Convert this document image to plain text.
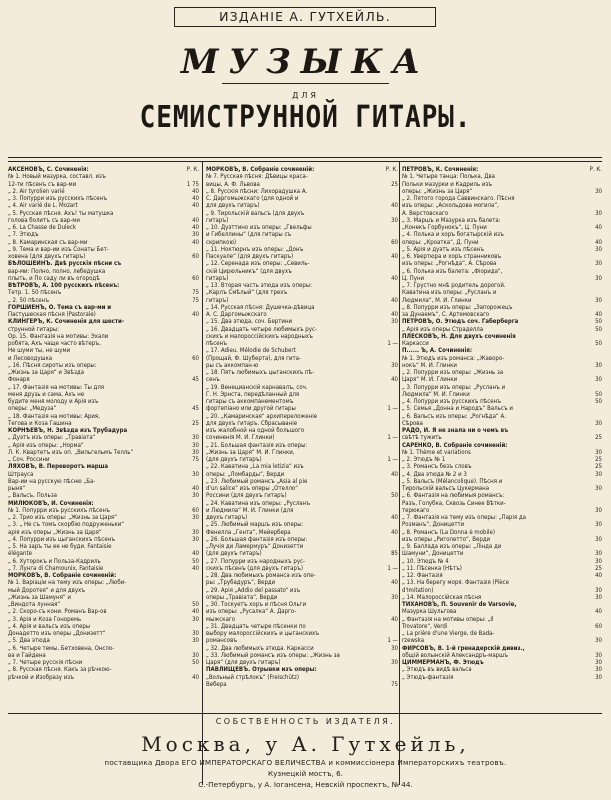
ИЗДАНІЕ А. ГУТХЕЙЛЬ.
МУЗЫКА
ДЛЯ
СЕМИСТРУННОЙ ГИТАРЫ.
АКСЕНОВЪ, С. Сочиненія:	Р. К.
№ 1. Новый мазурка, составл. изъ
12-ти пѣсенъ съ вар-ми	1 75
„ 2. Air tyrolien varié	40
„ 3. Попурри изъ русскихъ пѣсенъ	40
„ 4. Air varié de L. Mozart	40
„ 5. Русская пѣсня. Ахъ! ты матушка
голова болитъ съ вар-ми	40
„ 6. La Chasse de Duleck	40
„ 7. Этюдъ	30
„ 8. Камаринская съ вар-ми	40
„ 9. Тема и вар-ии изъ Сонаты Бет-
ховена (для двухъ гитаръ)	60
БѢЛОШЕИНЪ. Двѣ русскія пѣсни съ
вар-ми: Полно, полно, лебедушка
плыть, и По саду ли въ огородѣ	60
ВѢТРОВЪ, А. 100 русскихъ пѣсенъ:
Тетр. 1. 50 пѣсенъ	75
„ 2. 50 пѣсенъ	75
ГОРШИЕНЪ, О. Тема съ вар-ми и
Пастушеская пѣсня (Pastorale)	40
КЛИНГЕРЪ, К. Сочиненія для шести-
струнной гитары:
Ор. 15. Фантазія на мотивы: Эхали
робята, Ахъ чаще часто вѣтеръ,
Не шуми ты, не шуми
и Лесоводушка	60
„ 16. Пѣсня сироты изъ оперы:
„Жизнь за Царя“ и Звѣзда
Фонаря	45
„ 17. Фантазія на мотивы: Ты для
меня друзь и сама, Ахъ не
будите меня молоду и Арія изъ
оперы: „Медуза“	45
„ 18. Фантазія на мотивы: Ария,
Тегова и Коза Гашина	25
КОРНѢЕВЪ, Н. Звѣзда изъ Трубадура
„ Дуэтъ изъ оперы: „Травіата“	30
„ Арія изъ оперы: „Норма“	30
Л. К. Квартетъ изъ оп. „Вильгельмъ Телль“	30
„ Соч. Россини	75
ЛЯХОВЪ, В. Переворотъ марша
Штрауса	30
Вар-ии на русскую пѣсню „Ба-
рыня“	40
„ Вальсъ, Польза	30
МИЛЮКОВЪ, И. Сочиненія:
№ 1. Попурри изъ русскихъ пѣсенъ	60
„ 2. Трио изъ оперы: „Жизнь за Царя“	30
„ 3. „ Не съ томъ скорбію подруженьки“
арія изъ оперы „Жизнь за Царя“	30
„ 4. Попурри изъ цыганскихъ пѣсенъ	30
„ 5. На заръ ты ее не буди. Fantaisie
élégante	40
„ 6. Хуторокъ и Польза-Кадриль	50
„ 7. Лунга di Chamounix, Fantaisie	40
МОРКОВЪ, В. Собраніе сочиненій:
№ 1. Варіаціи на тему изъ оперы: „Люби-
мый Доротея“ и для двухъ
„Жизнь за Шамуня“ и
„Виндота лунная“	50
„ 2. Скоро-съ кони. Романъ Вар-ов	40
„ 3. Арія и Коза Гоноремь	30
„ 4. Арія и вальсъ изъ оперы
Донадетто изъ оперы „Донизетт“	30
„ 5. Два этюда	30
„ 6. Четыре темы, Бетховена, Онсло-
ва и Гайдена	30
„ 7. Четыре русскія пѣсни	50
„ 8. Русская пѣсня. Какъ за рѣчкою-
рѣчкой и Изобразу изъ	40
МОРКОВЪ, В. Собраніе сочиненій:	Р. К.
№ 7. Русская пѣсня: Дѣвицы краса-
вицы, А. Ф. Львова	25
„ 8. Русскія пѣсни: Лихорадушка А.
С. Даргомыжскаго (для одной и
для двухъ гитаръ)	40
„ 9. Тирольскій вальсъ (для двухъ
гитаръ)	30
„ 10. Дуэттино изъ оперы: „Гвельфы
и Гибеллины“ (для гитары съ
скрипкою)	60
„ 11. Ноктюрнъ изъ оперы: „Донъ
Паскуале“ (для двухъ гитаръ)	40
„ 12. Серенада изъ оперы: „Севиль-
скій Цирюльникъ“ (для двухъ
гитаръ)	40
„ 13. Вторая часть этюда изъ оперы:
„Карлъ Смѣлый“ (для трехъ
гитаръ)	40
„ 14. Русская пѣсня: Душечка-дѣвица
А. С. Даргомыжскаго	40
„ 15. Два этюда, соч. Бертини	30
„ 16. Двадцать четыре любимыхъ рус-
скихъ и малороссійскихъ народныхъ
пѣсенъ	1 —
„ 17. Adieu. Mélodie de Schubert
(Прощай, Ф. Шуберта), для гита-
ры съ аккомпан-ю	30
„ 18. Пять любимыхъ цыганскихъ пѣ-
сенъ	40
„ 19. Венецианскій карнавалъ, соч.
Г. Н. Эрнста, передѣланный для
гитары съ аккомпанементомъ
фортепіано или другой гитары	1 —
„ 20. „Камаринская“ архипереложеніе
для двухъ гитаръ. Сбрасываніе
изъ жалобной на одной большого
сочиненія М. И. Глинки)	1 —
„ 21. Большая фантазія изъ оперы:
„Жизнь за Царя“ М. И. Глинки,
(для двухъ гитаръ)	1 —
„ 22. Каватина „La mia letizia“ изъ
оперы: „Ломбарды“, Верди	40
„ 23. Любимый романсъ „Asia al pie
d'un salice“ изъ оперы „Отелло“
Россини (для двухъ гитаръ)	50
„ 24. Каватина изъ оперы: „Русланъ
и Людмила“ М. И. Глинки (для
двухъ гитаръ)	40
„ 25. Любимый маршъ изъ оперы:
Фенелла „Гента“, Мейербера	40
„ 26. Большая фантазія изъ оперы:
„Лучія ди Ламермуръ“ Донизетти
(для двухъ гитаръ)	85
„ 27. Попурри изъ народныхъ рус-
скихъ пѣсенъ (для двухъ гитаръ)	1 —
„ 28. Два любимыхъ романса изъ опе-
ры: „Трубадуръ“, Верди	40
„ 29. Арія „Addio del passato“ изъ
оперы „Травіата“, Верди	30
„ 30. Тоскуетъ хоръ и пѣсня Ольги
изъ оперы: „Русалка“ А. Дарго-
мыжскаго	40
„ 31. Двадцать четыре пѣсенки по
выбору малороссійскихъ и цыганскихъ
романсовъ	1 —
„ 32. Два любимыхъ этюда. Каркасси	30
„ 33. Любимый романсъ изъ оперы: „Жизнь за
Царя“ (для двухъ гитаръ)	30
ПАВЛИЩЕВЪ. Отрывки изъ оперы:
„Вольный стрѣлокъ“ (Freischütz)
Вебера	75
ПЕТРОВЪ, К. Сочиненія:	Р. К.
№ 1. Четыре танца: Полька, Два
Польки мазурки и Кадриль изъ
оперы: „Жизнь за Царя“	30
„ 2. Пятого города Саввинскаго. Пѣсня
изъ оперы: „Аскольдова могила“,
А. Верстовскаго	30
„ 3. Маршъ и Мазурка изъ балета:
„Конекъ Горбунокъ“, Ц. Пуни	40
„ 4. Полька и хоръ богатырскій изъ
оперы: „Кроатка“, Д. Пуни	40
„ 5. Арія и дуэтъ изъ пѣсенъ	30
„ 6. Увертюра и хоръ странниковъ
изъ оперы: „Рогнѣда“, А. Сѣрова	30
„ 6. Полька изъ балета: „Фіорида“,
Ц. Пуни	30
„ 7. Грустно мнѣ родитель дорогой.
Каватина изъ оперы: „Русланъ и
Людмила“, М. И. Глинки	30
„ 8. Попурри изъ оперы: „Запорожецъ
за Дунаемъ“, С. Артемовскаго	40
ПЕТРОВЪ, О. Этюдъ соч. Габерберга	50
„ Арія изъ оперы Страделла	50
ПЛЕСКОВЪ, Н. Для двухъ сочиненія
Каркасси	50
П...... Ъ, А. Сочиненія:
№ 1. Этюдъ изъ романса: „Жаворо-
нокъ“ М. И. Глинки	30
„ 2. Попурри изъ оперы: „Жизнь за
Царя“ М. И. Глинки	30
„ 3. Попурри изъ оперы: „Русланъ и
Людмила“ М. И. Глинки	50
„ 4. Попурри изъ русскихъ пѣсенъ	50
„ 5. Семья „Донна и Народъ“ Вальсъ и
„ 6. Вальсъ изъ оперы: „Рогнѣда“ А.
Сѣрова	30
РАДО, И. Я не знала ни о чемъ въ
свѣтѣ тужить	25
САРЕНКО, В. Собраніе сочиненій:
№ 1. Thème et variations	30
„ 2. Этюдъ № 1	25
„ 3. Романсъ безъ словъ	25
„ 4. Два этюда № 2 и 3	30
„ 5. Вальсъ (Mélancolique). Пѣсня и
Тирольскій вальсъ Цукермана	30
„ 6. Фантазія на любимыя романсъ:
Разъ, Голубка, Сквозь Синее Вѣтки-
терюкаго	30
„ 7. Фантазія на тему изъ оперы: „Парія да
Розманъ“, Доницетти	30
„ 8. Романсъ (La Donna è mobile)
изъ оперы „Риголетто“, Верди	30
„ 9. Баллада изъ оперы: „Лінда ди
Шамуни“, Доницетти	30
„ 10. Этюдъ № 4	30
„ 11. Пѣсенка (Нѣтъ)	25
„ 12. Фантазія	40
„ 13. На берегу моря. Фантазія (Pièce
d'Imitation)	30
„ 14. Малороссійская пѣсня	30
ТИХАНОВЪ, П. Souvenir de Varsovie,
Мазурка Шульгова	40
„ Фантазія на мотивы оперы: „Il
Trovatore“, Verdi	60
„ La prière d'une Vierge, de Bada-
rzewska	30
ФИРСОВЪ, В. 1-й гренадерскій дивиз.,
общій волынскій Александръ-маршъ	30
ЦИММЕРМАНЪ, Ф. Этюдъ	30
„ Этюдъ въ видѣ вальса	30
„ Этюдъ-фантазія	30
СОБСТВЕННОСТЬ ИЗДАТЕЛЯ.
Москва, у А. Гутхейль,
поставщика Двора ЕГО ИМПЕРАТОРСКАГО ВЕЛИЧЕСТВА и коммиссіонера Императорскихъ театровъ.
Кузнецкій мостъ, 6.
С.-Петербургъ, у А. Іогансена, Невскій проспектъ, № 44.
